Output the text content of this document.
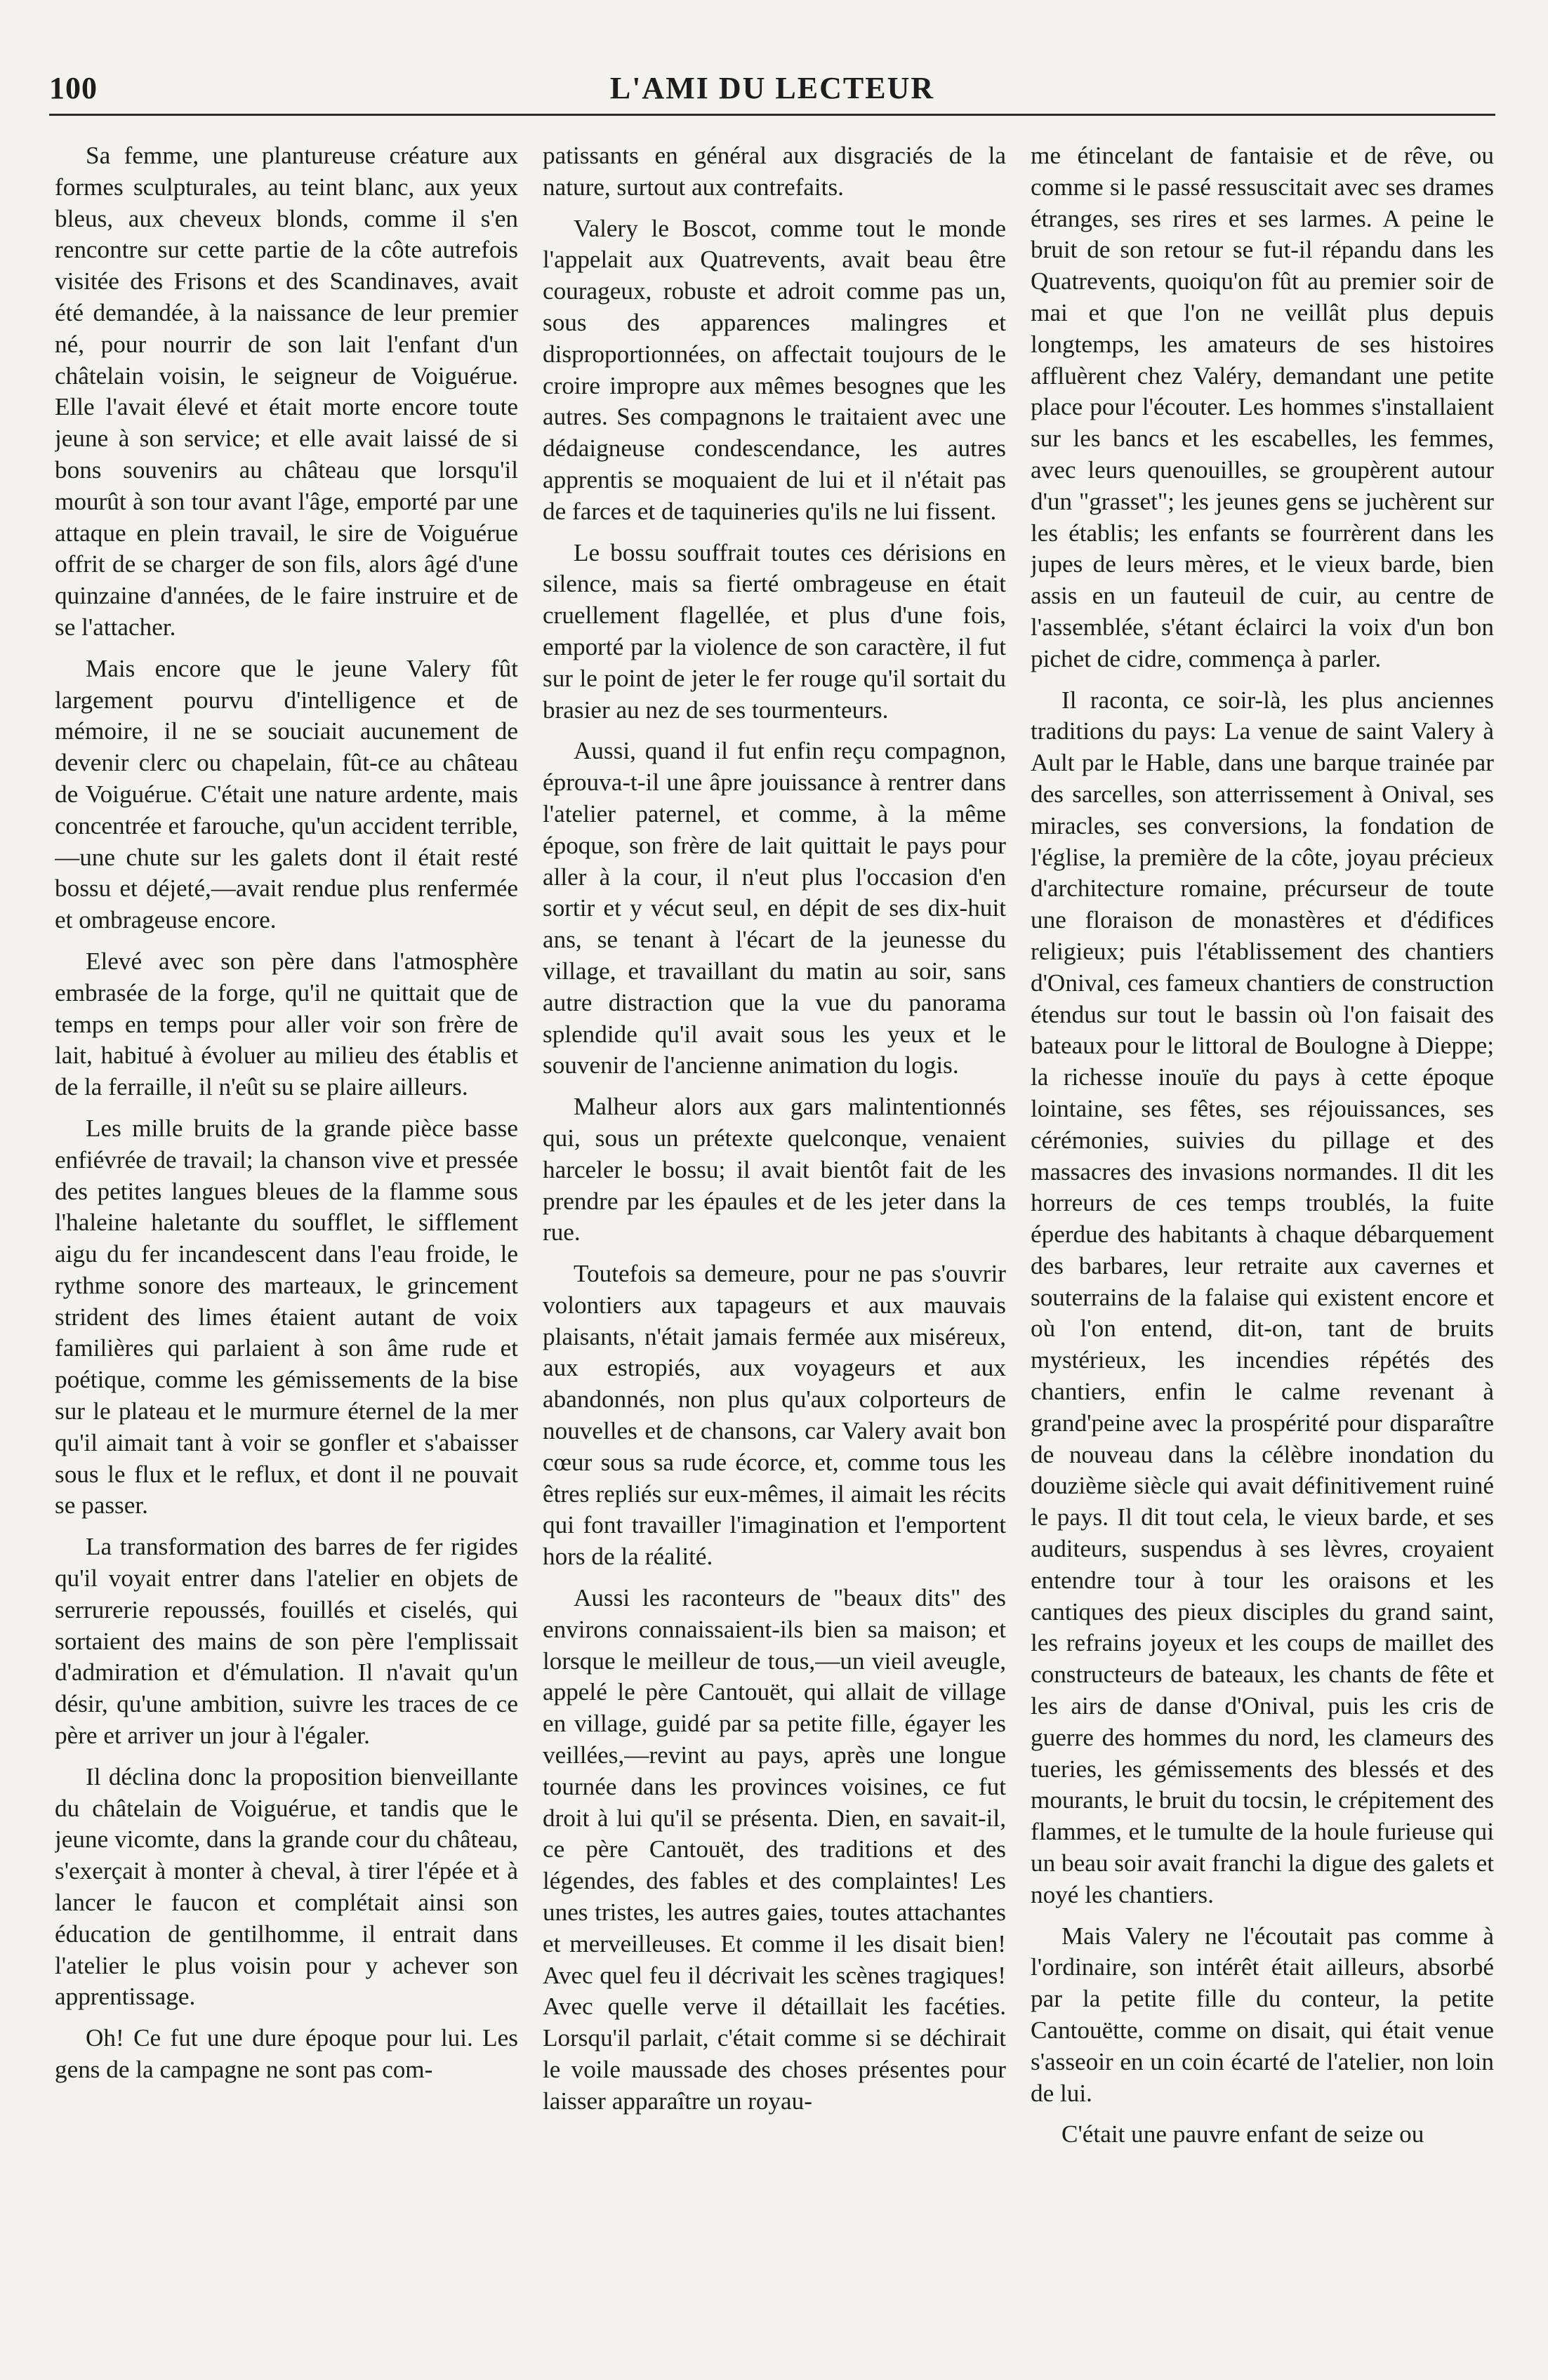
100	L'AMI DU LECTEUR

Sa femme, une plantureuse créature aux formes sculpturales, au teint blanc, aux yeux bleus, aux cheveux blonds, comme il s'en rencontre sur cette partie de la côte autrefois visitée des Frisons et des Scandinaves, avait été demandée, à la naissance de leur premier né, pour nourrir de son lait l'enfant d'un châtelain voisin, le seigneur de Voiguérue. Elle l'avait élevé et était morte encore toute jeune à son service; et elle avait laissé de si bons souvenirs au château que lorsqu'il mourût à son tour avant l'âge, emporté par une attaque en plein travail, le sire de Voiguérue offrit de se charger de son fils, alors âgé d'une quinzaine d'années, de le faire instruire et de se l'attacher.

Mais encore que le jeune Valery fût largement pourvu d'intelligence et de mémoire, il ne se souciait aucunement de devenir clerc ou chapelain, fût-ce au château de Voiguérue. C'était une nature ardente, mais concentrée et farouche, qu'un accident terrible,—une chute sur les galets dont il était resté bossu et déjeté,—avait rendue plus renfermée et ombrageuse encore.

Elevé avec son père dans l'atmosphère embrasée de la forge, qu'il ne quittait que de temps en temps pour aller voir son frère de lait, habitué à évoluer au milieu des établis et de la ferraille, il n'eût su se plaire ailleurs.

Les mille bruits de la grande pièce basse enfiévrée de travail; la chanson vive et pressée des petites langues bleues de la flamme sous l'haleine haletante du soufflet, le sifflement aigu du fer incandescent dans l'eau froide, le rythme sonore des marteaux, le grincement strident des limes étaient autant de voix familières qui parlaient à son âme rude et poétique, comme les gémissements de la bise sur le plateau et le murmure éternel de la mer qu'il aimait tant à voir se gonfler et s'abaisser sous le flux et le reflux, et dont il ne pouvait se passer.

La transformation des barres de fer rigides qu'il voyait entrer dans l'atelier en objets de serrurerie repoussés, fouillés et ciselés, qui sortaient des mains de son père l'emplissait d'admiration et d'émulation. Il n'avait qu'un désir, qu'une ambition, suivre les traces de ce père et arriver un jour à l'égaler.

Il déclina donc la proposition bienveillante du châtelain de Voiguérue, et tandis que le jeune vicomte, dans la grande cour du château, s'exerçait à monter à cheval, à tirer l'épée et à lancer le faucon et complétait ainsi son éducation de gentilhomme, il entrait dans l'atelier le plus voisin pour y achever son apprentissage.

Oh! Ce fut une dure époque pour lui. Les gens de la campagne ne sont pas com-

patissants en général aux disgraciés de la nature, surtout aux contrefaits.

Valery le Boscot, comme tout le monde l'appelait aux Quatrevents, avait beau être courageux, robuste et adroit comme pas un, sous des apparences malingres et disproportionnées, on affectait toujours de le croire impropre aux mêmes besognes que les autres. Ses compagnons le traitaient avec une dédaigneuse condescendance, les autres apprentis se moquaient de lui et il n'était pas de farces et de taquineries qu'ils ne lui fissent.

Le bossu souffrait toutes ces dérisions en silence, mais sa fierté ombrageuse en était cruellement flagellée, et plus d'une fois, emporté par la violence de son caractère, il fut sur le point de jeter le fer rouge qu'il sortait du brasier au nez de ses tourmenteurs.

Aussi, quand il fut enfin reçu compagnon, éprouva-t-il une âpre jouissance à rentrer dans l'atelier paternel, et comme, à la même époque, son frère de lait quittait le pays pour aller à la cour, il n'eut plus l'occasion d'en sortir et y vécut seul, en dépit de ses dix-huit ans, se tenant à l'écart de la jeunesse du village, et travaillant du matin au soir, sans autre distraction que la vue du panorama splendide qu'il avait sous les yeux et le souvenir de l'ancienne animation du logis.

Malheur alors aux gars malintentionnés qui, sous un prétexte quelconque, venaient harceler le bossu; il avait bientôt fait de les prendre par les épaules et de les jeter dans la rue.

Toutefois sa demeure, pour ne pas s'ouvrir volontiers aux tapageurs et aux mauvais plaisants, n'était jamais fermée aux miséreux, aux estropiés, aux voyageurs et aux abandonnés, non plus qu'aux colporteurs de nouvelles et de chansons, car Valery avait bon cœur sous sa rude écorce, et, comme tous les êtres repliés sur eux-mêmes, il aimait les récits qui font travailler l'imagination et l'emportent hors de la réalité.

Aussi les raconteurs de "beaux dits" des environs connaissaient-ils bien sa maison; et lorsque le meilleur de tous,—un vieil aveugle, appelé le père Cantouët, qui allait de village en village, guidé par sa petite fille, égayer les veillées,—revint au pays, après une longue tournée dans les provinces voisines, ce fut droit à lui qu'il se présenta. Dien, en savait-il, ce père Cantouët, des traditions et des légendes, des fables et des complaintes! Les unes tristes, les autres gaies, toutes attachantes et merveilleuses. Et comme il les disait bien! Avec quel feu il décrivait les scènes tragiques! Avec quelle verve il détaillait les facéties. Lorsqu'il parlait, c'était comme si se déchirait le voile maussade des choses présentes pour laisser apparaître un royau-

me étincelant de fantaisie et de rêve, ou comme si le passé ressuscitait avec ses drames étranges, ses rires et ses larmes. A peine le bruit de son retour se fut-il répandu dans les Quatrevents, quoiqu'on fût au premier soir de mai et que l'on ne veillât plus depuis longtemps, les amateurs de ses histoires affluèrent chez Valéry, demandant une petite place pour l'écouter. Les hommes s'installaient sur les bancs et les escabelles, les femmes, avec leurs quenouilles, se groupèrent autour d'un "grasset"; les jeunes gens se juchèrent sur les établis; les enfants se fourrèrent dans les jupes de leurs mères, et le vieux barde, bien assis en un fauteuil de cuir, au centre de l'assemblée, s'étant éclairci la voix d'un bon pichet de cidre, commença à parler.

Il raconta, ce soir-là, les plus anciennes traditions du pays: La venue de saint Valery à Ault par le Hable, dans une barque trainée par des sarcelles, son atterrissement à Onival, ses miracles, ses conversions, la fondation de l'église, la première de la côte, joyau précieux d'architecture romaine, précurseur de toute une floraison de monastères et d'édifices religieux; puis l'établissement des chantiers d'Onival, ces fameux chantiers de construction étendus sur tout le bassin où l'on faisait des bateaux pour le littoral de Boulogne à Dieppe; la richesse inouïe du pays à cette époque lointaine, ses fêtes, ses réjouissances, ses cérémonies, suivies du pillage et des massacres des invasions normandes. Il dit les horreurs de ces temps troublés, la fuite éperdue des habitants à chaque débarquement des barbares, leur retraite aux cavernes et souterrains de la falaise qui existent encore et où l'on entend, dit-on, tant de bruits mystérieux, les incendies répétés des chantiers, enfin le calme revenant à grand'peine avec la prospérité pour disparaître de nouveau dans la célèbre inondation du douzième siècle qui avait définitivement ruiné le pays. Il dit tout cela, le vieux barde, et ses auditeurs, suspendus à ses lèvres, croyaient entendre tour à tour les oraisons et les cantiques des pieux disciples du grand saint, les refrains joyeux et les coups de maillet des constructeurs de bateaux, les chants de fête et les airs de danse d'Onival, puis les cris de guerre des hommes du nord, les clameurs des tueries, les gémissements des blessés et des mourants, le bruit du tocsin, le crépitement des flammes, et le tumulte de la houle furieuse qui un beau soir avait franchi la digue des galets et noyé les chantiers.

Mais Valery ne l'écoutait pas comme à l'ordinaire, son intérêt était ailleurs, absorbé par la petite fille du conteur, la petite Cantouëtte, comme on disait, qui était venue s'asseoir en un coin écarté de l'atelier, non loin de lui.

C'était une pauvre enfant de seize ou
